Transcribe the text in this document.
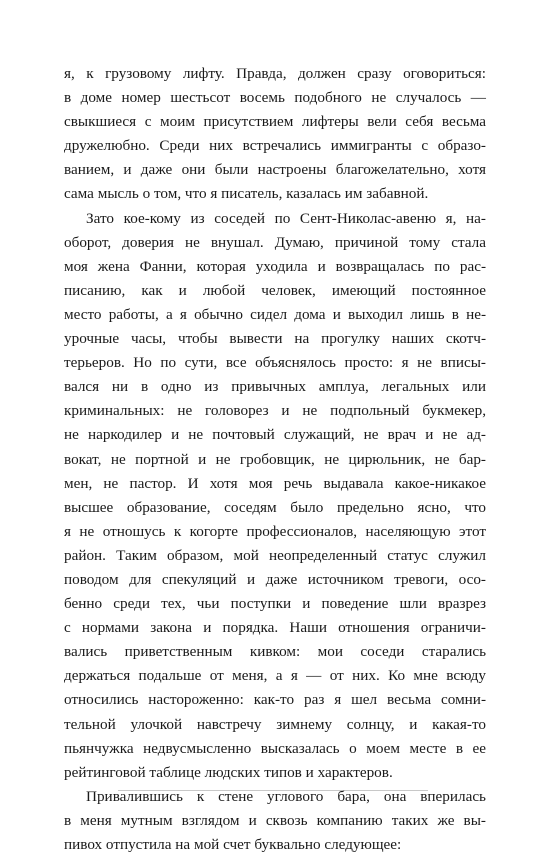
я, к грузовому лифту. Правда, должен сразу оговориться:
в доме номер шестьсот восемь подобного не случалось —
свыкшиеся с моим присутствием лифтеры вели себя весьма
дружелюбно. Среди них встречались иммигранты с образо-
ванием, и даже они были настроены благожелательно, хотя
сама мысль о том, что я писатель, казалась им забавной.
Зато кое-кому из соседей по Сент-Николас-авеню я, на-
оборот, доверия не внушал. Думаю, причиной тому стала
моя жена Фанни, которая уходила и возвращалась по рас-
писанию, как и любой человек, имеющий постоянное
место работы, а я обычно сидел дома и выходил лишь в не-
урочные часы, чтобы вывести на прогулку наших скотч-
терьеров. Но по сути, все объяснялось просто: я не вписы-
вался ни в одно из привычных амплуа, легальных или
криминальных: не головорез и не подпольный букмекер,
не наркодилер и не почтовый служащий, не врач и не ад-
вокат, не портной и не гробовщик, не цирюльник, не бар-
мен, не пастор. И хотя моя речь выдавала какое-никакое
высшее образование, соседям было предельно ясно, что
я не отношусь к когорте профессионалов, населяющую этот
район. Таким образом, мой неопределенный статус служил
поводом для спекуляций и даже источником тревоги, осо-
бенно среди тех, чьи поступки и поведение шли вразрез
с нормами закона и порядка. Наши отношения ограничи-
вались приветственным кивком: мои соседи старались
держаться подальше от меня, а я — от них. Ко мне всюду
относились настороженно: как-то раз я шел весьма сомни-
тельной улочкой навстречу зимнему солнцу, и какая-то
пьянчужка недвусмысленно высказалась о моем месте в ее
рейтинговой таблице людских типов и характеров.
Привалившись к стене углового бара, она вперилась
в меня мутным взглядом и сквозь компанию таких же вы-
пивох отпустила на мой счет буквально следующее:
